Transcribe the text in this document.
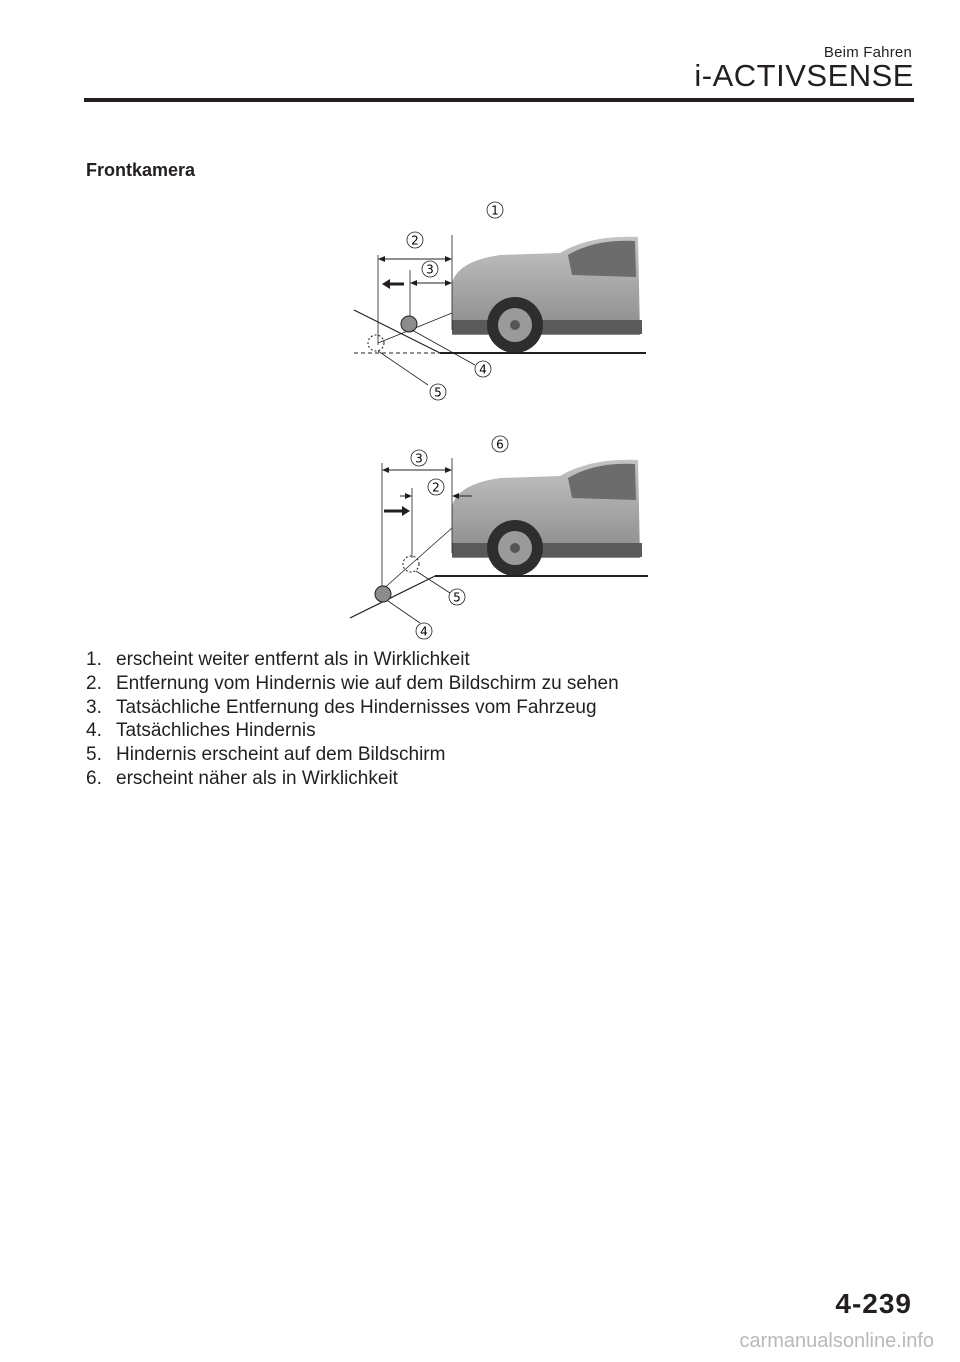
Beim Fahren
i-ACTIVSENSE
Frontkamera
1
2
3
4
5
6
3
2
5
4
1. erscheint weiter entfernt als in Wirklichkeit
2. Entfernung vom Hindernis wie auf dem Bildschirm zu sehen
3. Tatsächliche Entfernung des Hindernisses vom Fahrzeug
4. Tatsächliches Hindernis
5. Hindernis erscheint auf dem Bildschirm
6. erscheint näher als in Wirklichkeit
4-239
carmanualsonline.info
